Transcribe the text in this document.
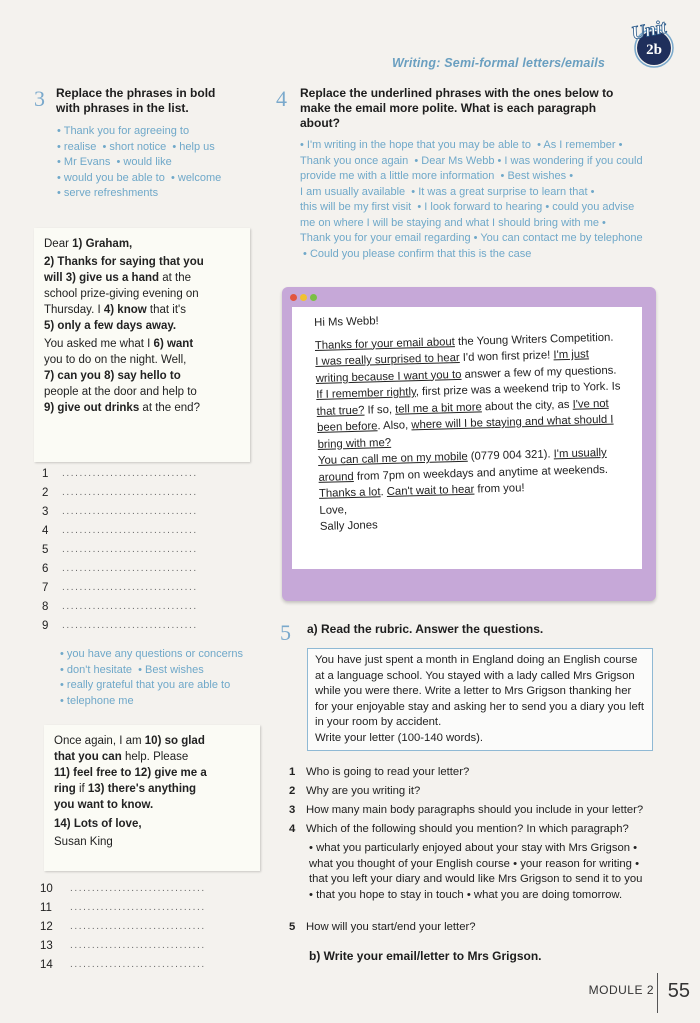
Writing: Semi-formal letters/emails
2b
Unit
3 Replace the phrases in bold
with phrases in the list.
• Thank you for agreeing to
• realise  • short notice  • help us
• Mr Evans  • would like
• would you be able to  • welcome
• serve refreshments
Dear 1) Graham,
2) Thanks for saying that you
will 3) give us a hand at the
school prize-giving evening on
Thursday. I 4) know that it's
5) only a few days away.
You asked me what I 6) want
you to do on the night. Well,
7) can you 8) say hello to
people at the door and help to
9) give out drinks at the end?
1 ...............................
2 ...............................
3 ...............................
4 ...............................
5 ...............................
6 ...............................
7 ...............................
8 ...............................
9 ...............................
• you have any questions or concerns
• don't hesitate  • Best wishes
• really grateful that you are able to
• telephone me
Once again, I am 10) so glad
that you can help. Please
11) feel free to 12) give me a
ring if 13) there's anything
you want to know.
14) Lots of love,
Susan King
10 ...............................
11 ...............................
12 ...............................
13 ...............................
14 ...............................
4 Replace the underlined phrases with the ones below to
make the email more polite. What is each paragraph
about?
• I'm writing in the hope that you may be able to  • As I remember • Thank you once again  • Dear Ms Webb • I was wondering if you could provide me with a little more information  • Best wishes • I am usually available  • It was a great surprise to learn that • this will be my first visit  • I look forward to hearing • could you advise me on where I will be staying and what I should bring with me • Thank you for your email regarding • You can contact me by telephone  • Could you please confirm that this is the case
Hi Ms Webb!
Thanks for your email about the Young Writers Competition.
I was really surprised to hear I'd won first prize! I'm just
writing because I want you to answer a few of my questions.
If I remember rightly, first prize was a weekend trip to York. Is
that true? If so, tell me a bit more about the city, as I've not
been before. Also, where will I be staying and what should I
bring with me?
You can call me on my mobile (0779 004 321). I'm usually
around from 7pm on weekdays and anytime at weekends.
Thanks a lot. Can't wait to hear from you!
Love,
Sally Jones
5 a) Read the rubric. Answer the questions.
You have just spent a month in England doing an English course at a language school. You stayed with a lady called Mrs Grigson while you were there. Write a letter to Mrs Grigson thanking her for your enjoyable stay and asking her to send you a diary you left in your room by accident.
Write your letter (100-140 words).
1 Who is going to read your letter?
2 Why are you writing it?
3 How many main body paragraphs should you include in your letter?
4 Which of the following should you mention? In which paragraph?
• what you particularly enjoyed about your stay with Mrs Grigson • what you thought of your English course • your reason for writing • that you left your diary and would like Mrs Grigson to send it to you • that you hope to stay in touch • what you are doing tomorrow.
5 How will you start/end your letter?
b) Write your email/letter to Mrs Grigson.
MODULE 2 55
